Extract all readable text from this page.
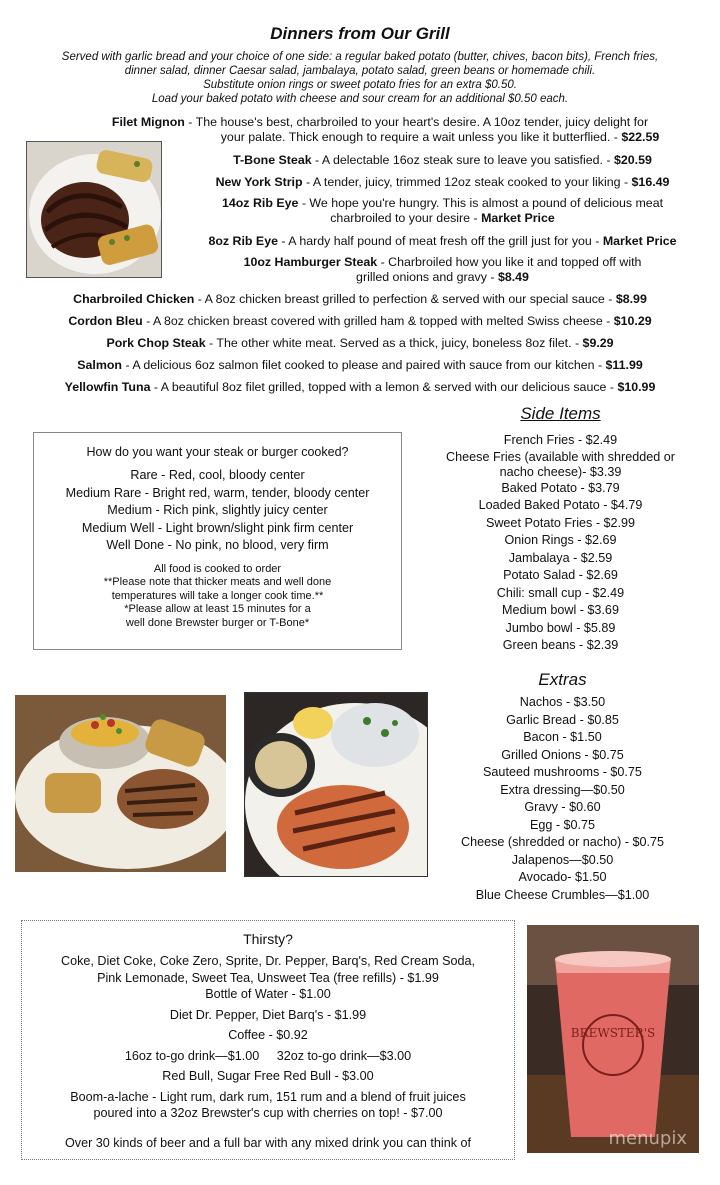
Dinners from Our Grill
Served with garlic bread and your choice of one side: a regular baked potato (butter, chives, bacon bits), French fries,
dinner salad, dinner Caesar salad, jambalaya, potato salad, green beans or homemade chili.
Substitute onion rings or sweet potato fries for an extra $0.50.
Load your baked potato with cheese and sour cream for an additional $0.50 each.
Filet Mignon - The house's best, charbroiled to your heart's desire. A 10oz tender, juicy delight for
your palate. Thick enough to require a wait unless you like it butterflied. - $22.59
T-Bone Steak - A delectable 16oz steak sure to leave you satisfied. - $20.59
New York Strip - A tender, juicy, trimmed 12oz steak cooked to your liking - $16.49
14oz Rib Eye - We hope you're hungry. This is almost a pound of delicious meat
charbroiled to your desire - Market Price
8oz Rib Eye - A hardy half pound of meat fresh off the grill just for you - Market Price
10oz Hamburger Steak - Charbroiled how you like it and topped off with
grilled onions and gravy - $8.49
Charbroiled Chicken - A 8oz chicken breast grilled to perfection & served with our special sauce - $8.99
Cordon Bleu - A 8oz chicken breast covered with grilled ham & topped with melted Swiss cheese - $10.29
Pork Chop Steak - The other white meat. Served as a thick, juicy, boneless 8oz filet. - $9.29
Salmon - A delicious 6oz salmon filet cooked to please and paired with sauce from our kitchen - $11.99
Yellowfin Tuna - A beautiful 8oz filet grilled, topped with a lemon & served with our delicious sauce - $10.99
How do you want your steak or burger cooked?
Rare - Red, cool, bloody center
Medium Rare - Bright red, warm, tender, bloody center
Medium - Rich pink, slightly juicy center
Medium Well - Light brown/slight pink firm center
Well Done - No pink, no blood, very firm
All food is cooked to order
**Please note that thicker meats and well done
temperatures will take a longer cook time.**
*Please allow at least 15 minutes for a
well done Brewster burger or T-Bone*
Side Items
French Fries - $2.49
Cheese Fries (available with shredded or
nacho cheese)- $3.39
Baked Potato - $3.79
Loaded Baked Potato - $4.79
Sweet Potato Fries - $2.99
Onion Rings - $2.69
Jambalaya - $2.59
Potato Salad - $2.69
Chili: small cup - $2.49
Medium bowl - $3.69
Jumbo bowl - $5.89
Green beans - $2.39
Extras
Nachos - $3.50
Garlic Bread - $0.85
Bacon - $1.50
Grilled Onions - $0.75
Sauteed mushrooms - $0.75
Extra dressing—$0.50
Gravy - $0.60
Egg - $0.75
Cheese (shredded or nacho) - $0.75
Jalapenos—$0.50
Avocado- $1.50
Blue Cheese Crumbles—$1.00
Thirsty?
Coke, Diet Coke, Coke Zero, Sprite, Dr. Pepper, Barq's, Red Cream Soda,
Pink Lemonade, Sweet Tea, Unsweet Tea (free refills) - $1.99
Bottle of Water - $1.00
Diet Dr. Pepper, Diet Barq's - $1.99
Coffee - $0.92
16oz to-go drink—$1.00     32oz to-go drink—$3.00
Red Bull, Sugar Free Red Bull - $3.00
Boom-a-lache - Light rum, dark rum, 151 rum and a blend of fruit juices
poured into a 32oz Brewster's cup with cherries on top! - $7.00
Over 30 kinds of beer and a full bar with any mixed drink you can think of
BREWSTER'S
menupix
